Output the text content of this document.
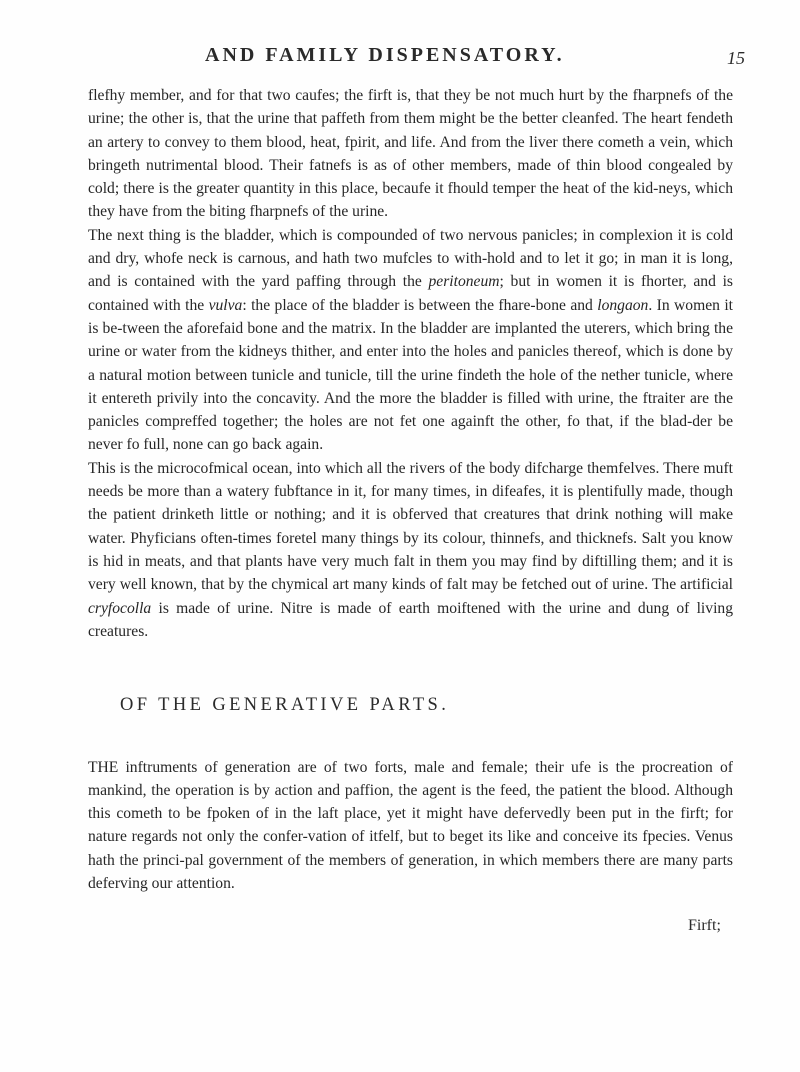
AND FAMILY DISPENSATORY.	15

flefhy member, and for that two caufes; the firft is, that they be not much hurt by the fharpnefs of the urine; the other is, that the urine that paffeth from them might be the better cleanfed. The heart fendeth an artery to convey to them blood, heat, fpirit, and life. And from the liver there cometh a vein, which bringeth nutrimental blood. Their fatnefs is as of other members, made of thin blood congealed by cold; there is the greater quantity in this place, becaufe it fhould temper the heat of the kid-neys, which they have from the biting fharpnefs of the urine.

The next thing is the bladder, which is compounded of two nervous panicles; in complexion it is cold and dry, whofe neck is carnous, and hath two mufcles to with-hold and to let it go; in man it is long, and is contained with the yard paffing through the peritoneum; but in women it is fhorter, and is contained with the vulva: the place of the bladder is between the fhare-bone and longaon. In women it is be-tween the aforefaid bone and the matrix. In the bladder are implanted the uterers, which bring the urine or water from the kidneys thither, and enter into the holes and panicles thereof, which is done by a natural motion between tunicle and tunicle, till the urine findeth the hole of the nether tunicle, where it entereth privily into the concavity. And the more the bladder is filled with urine, the ftraiter are the panicles compreffed together; the holes are not fet one againft the other, fo that, if the blad-der be never fo full, none can go back again.

This is the microcofmical ocean, into which all the rivers of the body difcharge themfelves. There muft needs be more than a watery fubftance in it, for many times, in difeafes, it is plentifully made, though the patient drinketh little or nothing; and it is obferved that creatures that drink nothing will make water. Phyficians often-times foretel many things by its colour, thinnefs, and thicknefs. Salt you know is hid in meats, and that plants have very much falt in them you may find by diftilling them; and it is very well known, that by the chymical art many kinds of falt may be fetched out of urine. The artificial cryfocolla is made of urine. Nitre is made of earth moiftened with the urine and dung of living creatures.

OF THE GENERATIVE PARTS.

THE inftruments of generation are of two forts, male and female; their ufe is the procreation of mankind, the operation is by action and paffion, the agent is the feed, the patient the blood. Although this cometh to be fpoken of in the laft place, yet it might have defervedly been put in the firft; for nature regards not only the confer-vation of itfelf, but to beget its like and conceive its fpecies. Venus hath the princi-pal government of the members of generation, in which members there are many parts deferving our attention.

Firft;
